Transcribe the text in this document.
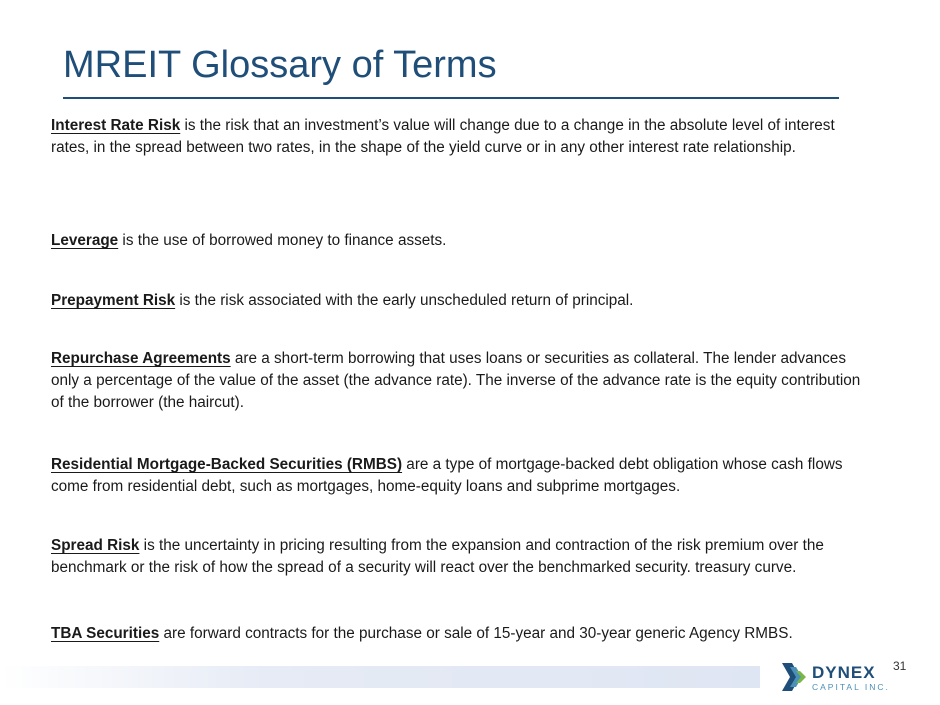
MREIT Glossary of Terms

Interest Rate Risk is the risk that an investment’s value will change due to a change in the absolute level of interest rates, in the spread between two rates, in the shape of the yield curve or in any other interest rate relationship.

Leverage is the use of borrowed money to finance assets.

Prepayment Risk is the risk associated with the early unscheduled return of principal.

Repurchase Agreements are a short-term borrowing that uses loans or securities as collateral. The lender advances only a percentage of the value of the asset (the advance rate). The inverse of the advance rate is the equity contribution of the borrower (the haircut).

Residential Mortgage-Backed Securities (RMBS) are a type of mortgage-backed debt obligation whose cash flows come from residential debt, such as mortgages, home-equity loans and subprime mortgages.

Spread Risk is the uncertainty in pricing resulting from the expansion and contraction of the risk premium over the benchmark or the risk of how the spread of a security will react over the benchmarked security. treasury curve.

TBA Securities are forward contracts for the purchase or sale of 15-year and 30-year generic Agency RMBS.

31
DYNEX
CAPITAL INC.
